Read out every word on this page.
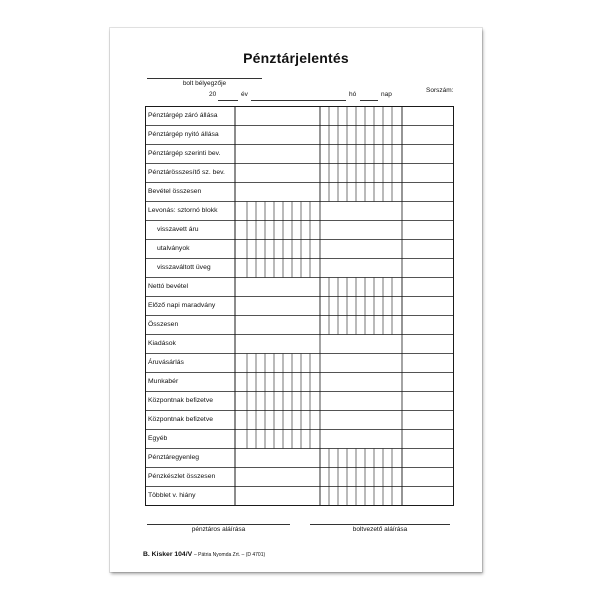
Pénztárjelentés
bolt bélyegzője
20	év	hó	nap
Sorszám:
Pénztárgép záró állása
Pénztárgép nyitó állása
Pénztárgép szerinti bev.
Pénztárösszesítő sz. bev.
Bevétel összesen
Levonás: sztornó blokk
visszavett áru
utalványok
visszaváltott üveg
Nettó bevétel
Előző napi maradvány
Összesen
Kiadások
Áruvásárlás
Munkabér
Központnak befizetve
Központnak befizetve
Egyéb
Pénztáregyenleg
Pénzkészlet összesen
Többlet v. hiány
pénztáros aláírása	boltvezető aláírása
B. Kisker 104/V – Pátria Nyomda Zrt. – (D 4701)
